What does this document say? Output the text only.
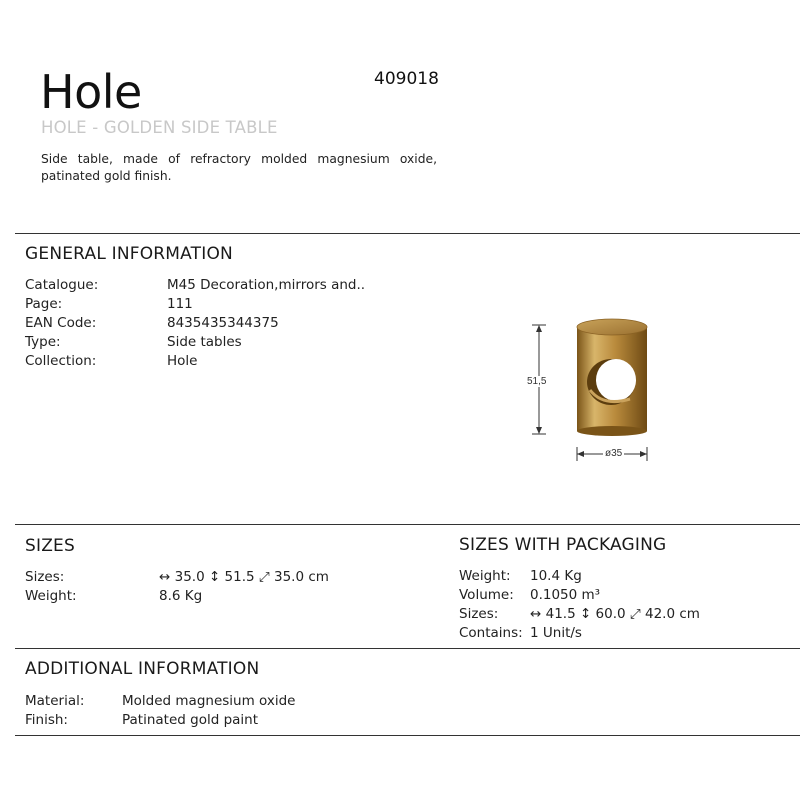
Hole	409018
HOLE - GOLDEN SIDE TABLE
Side table, made of refractory molded magnesium oxide, patinated gold finish.
GENERAL INFORMATION
Catalogue:	M45 Decoration,mirrors and..
Page:	111
EAN Code:	8435435344375
Type:	Side tables
Collection:	Hole
51,5
ø35
SIZES
Sizes:	↔ 35.0 ↕ 51.5 ⤢ 35.0 cm
Weight:	8.6 Kg
SIZES WITH PACKAGING
Weight: 10.4 Kg
Volume: 0.1050 m³
Sizes: ↔ 41.5 ↕ 60.0 ⤢ 42.0 cm
Contains: 1 Unit/s
ADDITIONAL INFORMATION
Material:	Molded magnesium oxide
Finish:	Patinated gold paint
